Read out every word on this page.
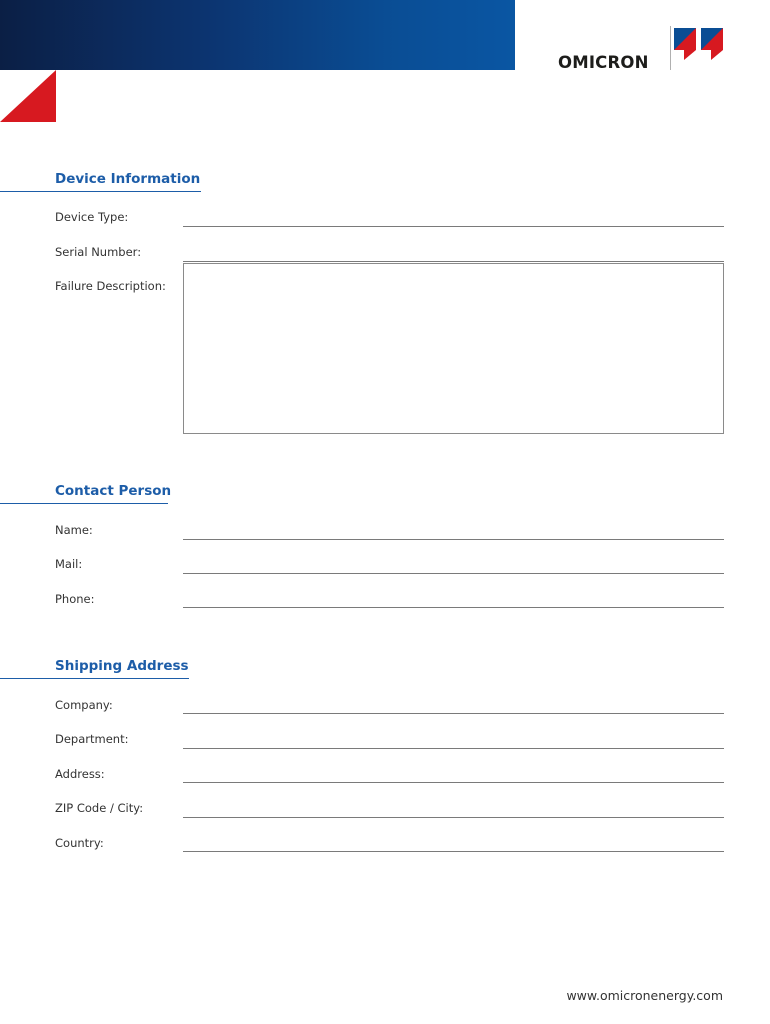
OMICRON
Device Information
Device Type:
Serial Number:
Failure Description:
Contact Person
Name:
Mail:
Phone:
Shipping Address
Company:
Department:
Address:
ZIP Code / City:
Country:
www.omicronenergy.com
